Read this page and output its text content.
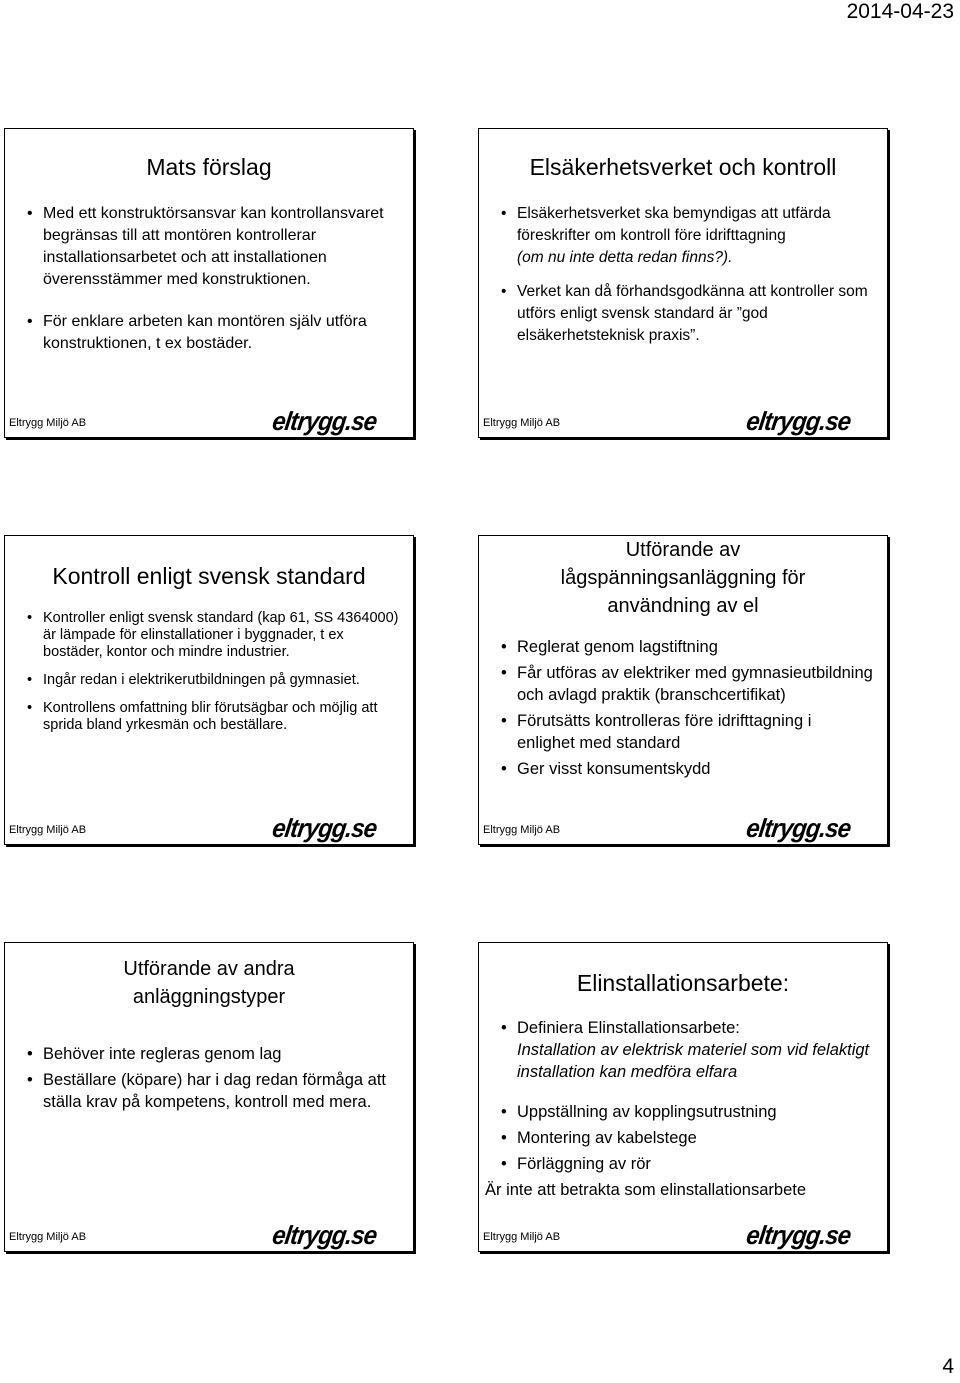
2014-04-23
Mats förslag
• Med ett konstruktörsansvar kan kontrollansvaret begränsas till att montören kontrollerar installationsarbetet och att installationen överensstämmer med konstruktionen.
• För enklare arbeten kan montören själv utföra konstruktionen, t ex bostäder.
Eltrygg Miljö AB	eltrygg.se
Elsäkerhetsverket och kontroll
• Elsäkerhetsverket ska bemyndigas att utfärda föreskrifter om kontroll före idrifttagning
(om nu inte detta redan finns?).
• Verket kan då förhandsgodkänna att kontroller som utförs enligt svensk standard är ”god elsäkerhetsteknisk praxis”.
Eltrygg Miljö AB	eltrygg.se
Kontroll enligt svensk standard
• Kontroller enligt svensk standard (kap 61, SS 4364000) är lämpade för elinstallationer i byggnader, t ex bostäder, kontor och mindre industrier.
• Ingår redan i elektrikerutbildningen på gymnasiet.
• Kontrollens omfattning blir förutsägbar och möjlig att sprida bland yrkesmän och beställare.
Eltrygg Miljö AB	eltrygg.se
Utförande av lågspänningsanläggning för användning av el
• Reglerat genom lagstiftning
• Får utföras av elektriker med gymnasieutbildning och avlagd praktik (branschcertifikat)
• Förutsätts kontrolleras före idrifttagning i enlighet med standard
• Ger visst konsumentskydd
Eltrygg Miljö AB	eltrygg.se
Utförande av andra anläggningstyper
• Behöver inte regleras genom lag
• Beställare (köpare) har i dag redan förmåga att ställa krav på kompetens, kontroll med mera.
Eltrygg Miljö AB	eltrygg.se
Elinstallationsarbete:
• Definiera Elinstallationsarbete:
Installation av elektrisk materiel som vid felaktigt installation kan medföra elfara
• Uppställning av kopplingsutrustning
• Montering av kabelstege
• Förläggning av rör
Är inte att betrakta som elinstallationsarbete
Eltrygg Miljö AB	eltrygg.se
4
